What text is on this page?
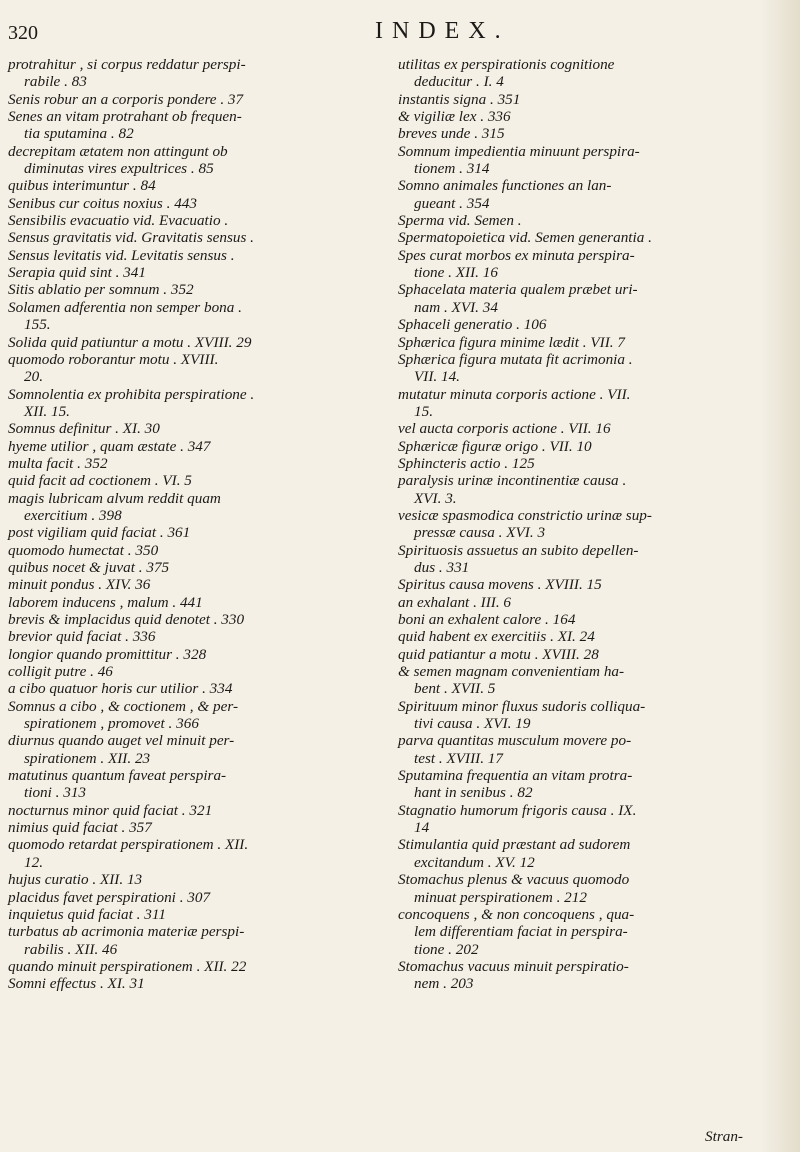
320	INDEX.
protrahitur , si corpus reddatur perspi-
rabile . 83
Senis robur an a corporis pondere . 37
Senes an vitam protrahant ob frequen-
tia sputamina . 82
decrepitam ætatem non attingunt ob
diminutas vires expultrices . 85
quibus interimuntur . 84
Senibus cur coitus noxius . 443
Sensibilis evacuatio vid. Evacuatio .
Sensus gravitatis vid. Gravitatis sensus .
Sensus levitatis vid. Levitatis sensus .
Serapia quid sint . 341
Sitis ablatio per somnum . 352
Solamen adferentia non semper bona .
155.
Solida quid patiuntur a motu . XVIII. 29
quomodo roborantur motu . XVIII.
20.
Somnolentia ex prohibita perspiratione .
XII. 15.
Somnus definitur . XI. 30
hyeme utilior , quam æstate . 347
multa facit . 352
quid facit ad coctionem . VI. 5
magis lubricam alvum reddit quam
exercitium . 398
post vigiliam quid faciat . 361
quomodo humectat . 350
quibus nocet & juvat . 375
minuit pondus . XIV. 36
laborem inducens , malum . 441
brevis & implacidus quid denotet . 330
brevior quid faciat . 336
longior quando promittitur . 328
colligit putre . 46
a cibo quatuor horis cur utilior . 334
Somnus a cibo , & coctionem , & per-
spirationem , promovet . 366
diurnus quando auget vel minuit per-
spirationem . XII. 23
matutinus quantum faveat perspira-
tioni . 313
nocturnus minor quid faciat . 321
nimius quid faciat . 357
quomodo retardat perspirationem . XII.
12.
hujus curatio . XII. 13
placidus favet perspirationi . 307
inquietus quid faciat . 311
turbatus ab acrimonia materiæ perspi-
rabilis . XII. 46
quando minuit perspirationem . XII. 22
Somni effectus . XI. 31
utilitas ex perspirationis cognitione
deducitur . I. 4
instantis signa . 351
& vigiliæ lex . 336
breves unde . 315
Somnum impedientia minuunt perspira-
tionem . 314
Somno animales functiones an lan-
gueant . 354
Sperma vid. Semen .
Spermatopoietica vid. Semen generantia .
Spes curat morbos ex minuta perspira-
tione . XII. 16
Sphacelata materia qualem præbet uri-
nam . XVI. 34
Sphaceli generatio . 106
Sphærica figura minime lædit . VII. 7
Sphærica figura mutata fit acrimonia .
VII. 14.
mutatur minuta corporis actione . VII.
15.
vel aucta corporis actione . VII. 16
Sphæricæ figuræ origo . VII. 10
Sphincteris actio . 125
paralysis urinæ incontinentiæ causa .
XVI. 3.
vesicæ spasmodica constrictio urinæ sup-
pressæ causa . XVI. 3
Spirituosis assuetus an subito depellen-
dus . 331
Spiritus causa movens . XVIII. 15
an exhalant . III. 6
boni an exhalent calore . 164
quid habent ex exercitiis . XI. 24
quid patiantur a motu . XVIII. 28
& semen magnam convenientiam ha-
bent . XVII. 5
Spirituum minor fluxus sudoris colliqua-
tivi causa . XVI. 19
parva quantitas musculum movere po-
test . XVIII. 17
Sputamina frequentia an vitam protra-
hant in senibus . 82
Stagnatio humorum frigoris causa . IX.
14
Stimulantia quid præstant ad sudorem
excitandum . XV. 12
Stomachus plenus & vacuus quomodo
minuat perspirationem . 212
concoquens , & non concoquens , qua-
lem differentiam faciat in perspira-
tione . 202
Stomachus vacuus minuit perspiratio-
nem . 203
Stran-
